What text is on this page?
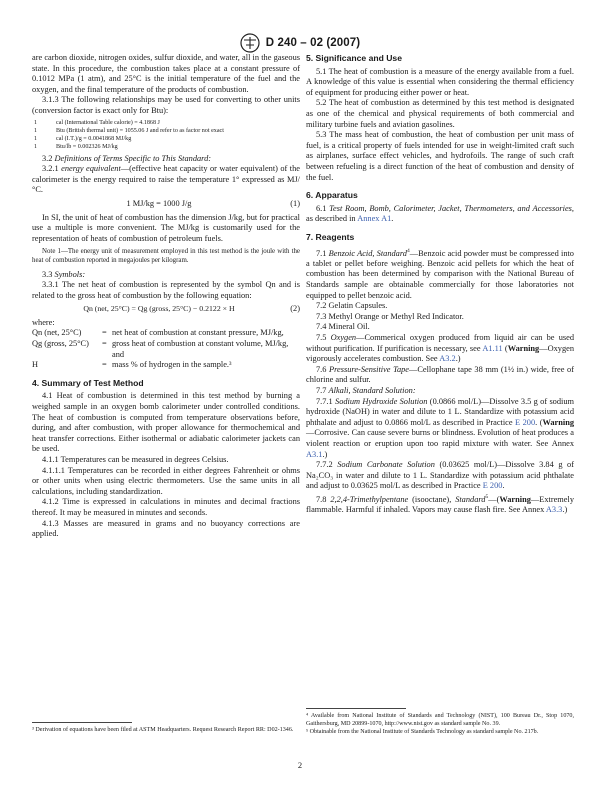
D 240 – 02 (2007)

are carbon dioxide, nitrogen oxides, sulfur dioxide, and water, all in the gaseous state. In this procedure, the combustion takes place at a constant pressure of 0.1012 MPa (1 atm), and 25°C is the initial temperature of the fuel and the oxygen, and the final temperature of the products of combustion.

3.1.3 The following relationships may be used for converting to other units (conversion factor is exact only for Btu):

1	cal (International Table calorie) = 4.1868 J
1	Btu (British thermal unit) = 1055.06 J and refer to as factor not exact
1	cal (I.T.)/g = 0.0041868 MJ/kg
1	Btu/lb = 0.002326 MJ/kg

3.2 Definitions of Terms Specific to This Standard:

3.2.1 energy equivalent—(effective heat capacity or water equivalent) of the calorimeter is the energy required to raise the temperature 1° expressed as MJ/°C.

1 MJ/kg = 1000 J/g	(1)

In SI, the unit of heat of combustion has the dimension J/kg, but for practical use a multiple is more convenient. The MJ/kg is customarily used for the representation of heats of combustion of petroleum fuels.

Note 1—The energy unit of measurement employed in this test method is the joule with the heat of combustion reported in megajoules per kilogram.

3.3 Symbols:

3.3.1 The net heat of combustion is represented by the symbol Qn and is related to the gross heat of combustion by the following equation:

Qn (net, 25°C) = Qg (gross, 25°C) − 0.2122 × H	(2)

where:

Qn (net, 25°C)	= net heat of combustion at constant pressure, MJ/kg,
Qg (gross, 25°C)	= gross heat of combustion at constant volume, MJ/kg, and
H	= mass % of hydrogen in the sample.³
4. Summary of Test Method

4.1 Heat of combustion is determined in this test method by burning a weighed sample in an oxygen bomb calorimeter under controlled conditions. The heat of combustion is computed from temperature observations before, during, and after combustion, with proper allowance for thermochemical and heat transfer corrections. Either isothermal or adiabatic calorimeter jackets can be used.

4.1.1 Temperatures can be measured in degrees Celsius.

4.1.1.1 Temperatures can be recorded in either degrees Fahrenheit or ohms or other units when using electric thermometers. Use the same units in all calculations, including standardization.

4.1.2 Time is expressed in calculations in minutes and decimal fractions thereof. It may be measured in minutes and seconds.

4.1.3 Masses are measured in grams and no buoyancy corrections are applied.

³ Derivation of equations have been filed at ASTM Headquarters. Request Research Report RR: D02-1346.

5. Significance and Use

5.1 The heat of combustion is a measure of the energy available from a fuel. A knowledge of this value is essential when considering the thermal efficiency of equipment for producing either power or heat.

5.2 The heat of combustion as determined by this test method is designated as one of the chemical and physical requirements of both commercial and military turbine fuels and aviation gasolines.

5.3 The mass heat of combustion, the heat of combustion per unit mass of fuel, is a critical property of fuels intended for use in weight-limited craft such as airplanes, surface effect vehicles, and hydrofoils. The range of such craft between refueling is a direct function of the heat of combustion and density of the fuel.

6. Apparatus

6.1 Test Room, Bomb, Calorimeter, Jacket, Thermometers, and Accessories, as described in Annex A1.

7. Reagents

7.1 Benzoic Acid, Standard$^4$—Benzoic acid powder must be compressed into a tablet or pellet before weighing. Benzoic acid pellets for which the heat of combustion has been determined by comparison with the National Bureau of Standards sample are obtainable commercially for those laboratories not equipped to pellet benzoic acid.

7.2 Gelatin Capsules.

7.3 Methyl Orange or Methyl Red Indicator.

7.4 Mineral Oil.

7.5 Oxygen—Commerical oxygen produced from liquid air can be used without purification. If purification is necessary, see A1.11 (Warning—Oxygen vigorously accelerates combustion. See A3.2.)

7.6 Pressure-Sensitive Tape—Cellophane tape 38 mm (1½ in.) wide, free of chlorine and sulfur.

7.7 Alkali, Standard Solution:

7.7.1 Sodium Hydroxide Solution (0.0866 mol/L)—Dissolve 3.5 g of sodium hydroxide (NaOH) in water and dilute to 1 L. Standardize with potassium acid phthalate and adjust to 0.0866 mol/L as described in Practice E 200. (Warning—Corrosive. Can cause severe burns or blindness. Evolution of heat produces a violent reaction or eruption upon too rapid mixture with water. See Annex A3.1.)

7.7.2 Sodium Carbonate Solution (0.03625 mol/L)—Dissolve 3.84 g of Na₂CO₃ in water and dilute to 1 L. Standardize with potassium acid phthalate and adjust to 0.03625 mol/L as described in Practice E 200.

7.8 2,2,4-Trimethylpentane (isooctane), Standard$^5$—(Warning—Extremely flammable. Harmful if inhaled. Vapors may cause flash fire. See Annex A3.3.)

⁴ Available from National Institute of Standards and Technology (NIST), 100 Bureau Dr., Stop 1070, Gaithersburg, MD 20899-1070, http://www.nist.gov as standard sample No. 39.

⁵ Obtainable from the National Institute of Standards Technology as standard sample No. 217b.

2
